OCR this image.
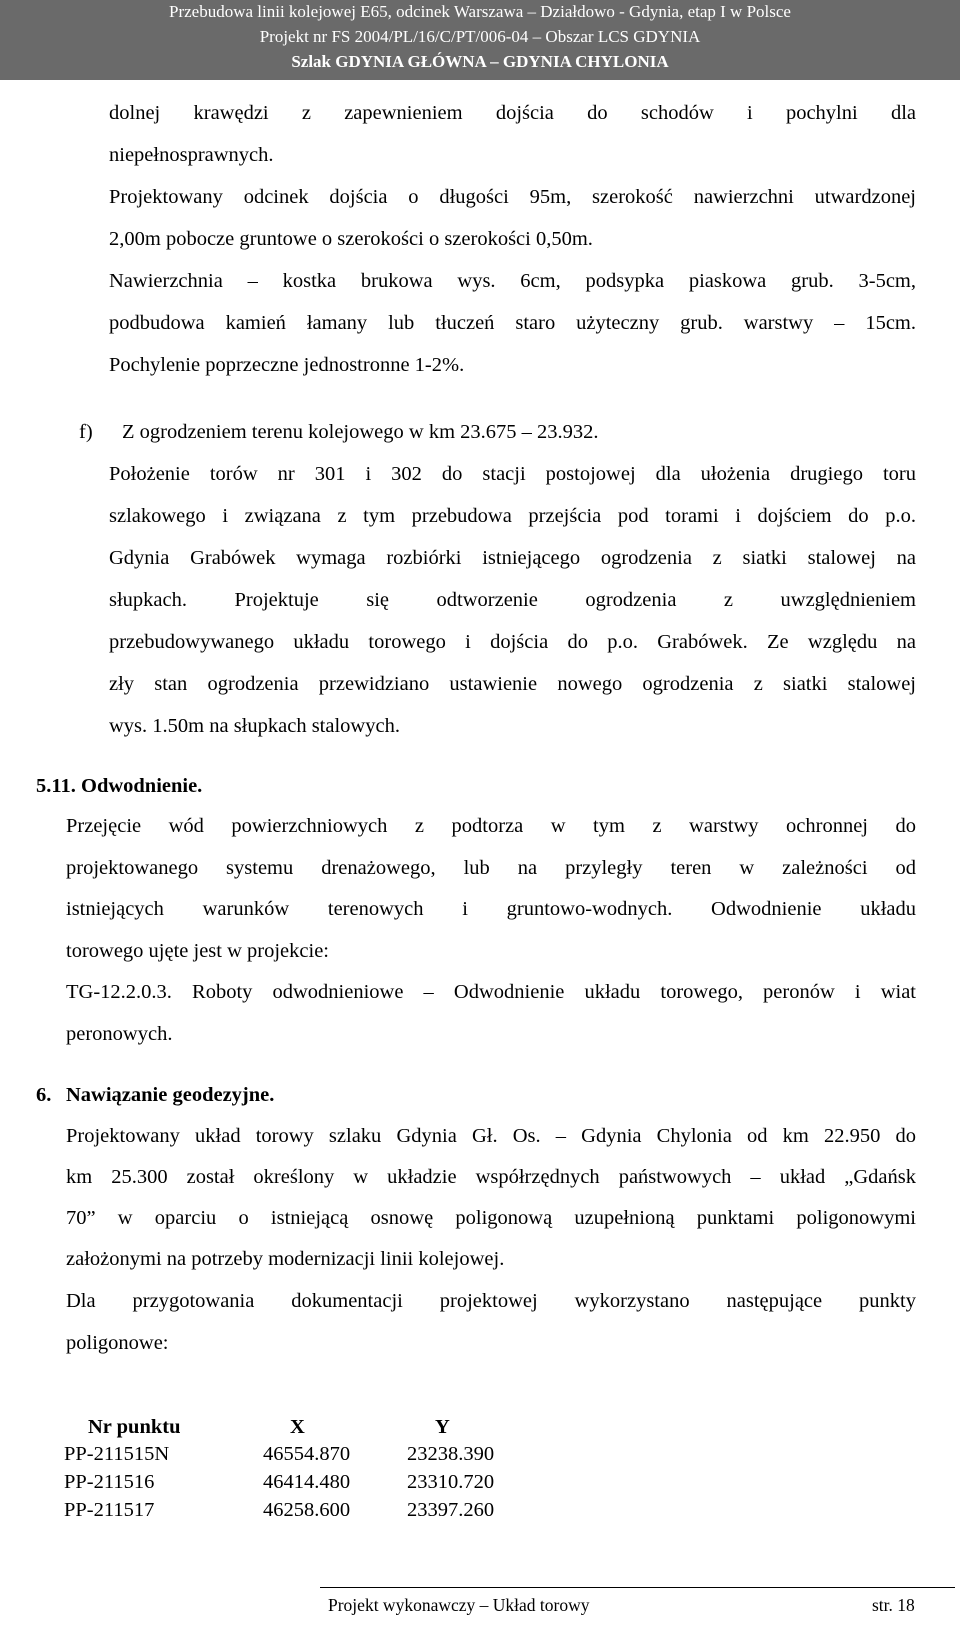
Przebudowa linii kolejowej E65, odcinek Warszawa – Działdowo - Gdynia, etap I w Polsce
Projekt nr FS 2004/PL/16/C/PT/006-04 – Obszar LCS GDYNIA
Szlak GDYNIA GŁÓWNA – GDYNIA CHYLONIA
dolnej krawędzi z zapewnieniem dojścia do schodów i pochylni dla
niepełnosprawnych.
Projektowany odcinek dojścia o długości 95m, szerokość nawierzchni utwardzonej
2,00m pobocze gruntowe o szerokości o szerokości 0,50m.
Nawierzchnia – kostka brukowa wys. 6cm, podsypka piaskowa grub. 3-5cm,
podbudowa kamień łamany lub tłuczeń staro użyteczny grub. warstwy – 15cm.
Pochylenie poprzeczne jednostronne 1-2%.
f) Z ogrodzeniem terenu kolejowego w km 23.675 – 23.932.
Położenie torów nr 301 i 302 do stacji postojowej dla ułożenia drugiego toru
szlakowego i związana z tym przebudowa przejścia pod torami i dojściem do p.o.
Gdynia Grabówek wymaga rozbiórki istniejącego ogrodzenia z siatki stalowej na
słupkach. Projektuje się odtworzenie ogrodzenia z uwzględnieniem
przebudowywanego układu torowego i dojścia do p.o. Grabówek. Ze względu na
zły stan ogrodzenia przewidziano ustawienie nowego ogrodzenia z siatki stalowej
wys. 1.50m na słupkach stalowych.
5.11. Odwodnienie.
Przejęcie wód powierzchniowych z podtorza w tym z warstwy ochronnej do
projektowanego systemu drenażowego, lub na przyległy teren w zależności od
istniejących warunków terenowych i gruntowo-wodnych. Odwodnienie układu
torowego ujęte jest w projekcie:
TG-12.2.0.3. Roboty odwodnieniowe – Odwodnienie układu torowego, peronów i wiat
peronowych.
6. Nawiązanie geodezyjne.
Projektowany układ torowy szlaku Gdynia Gł. Os. – Gdynia Chylonia od km 22.950 do
km 25.300 został określony w układzie współrzędnych państwowych – układ „Gdańsk
70” w oparciu o istniejącą osnowę poligonową uzupełnioną punktami poligonowymi
założonymi na potrzeby modernizacji linii kolejowej.
Dla przygotowania dokumentacji projektowej wykorzystano następujące punkty
poligonowe:
Nr punktu	X	Y
PP-211515N	46554.870	23238.390
PP-211516	46414.480	23310.720
PP-211517	46258.600	23397.260
Projekt wykonawczy – Układ torowy	str. 18
